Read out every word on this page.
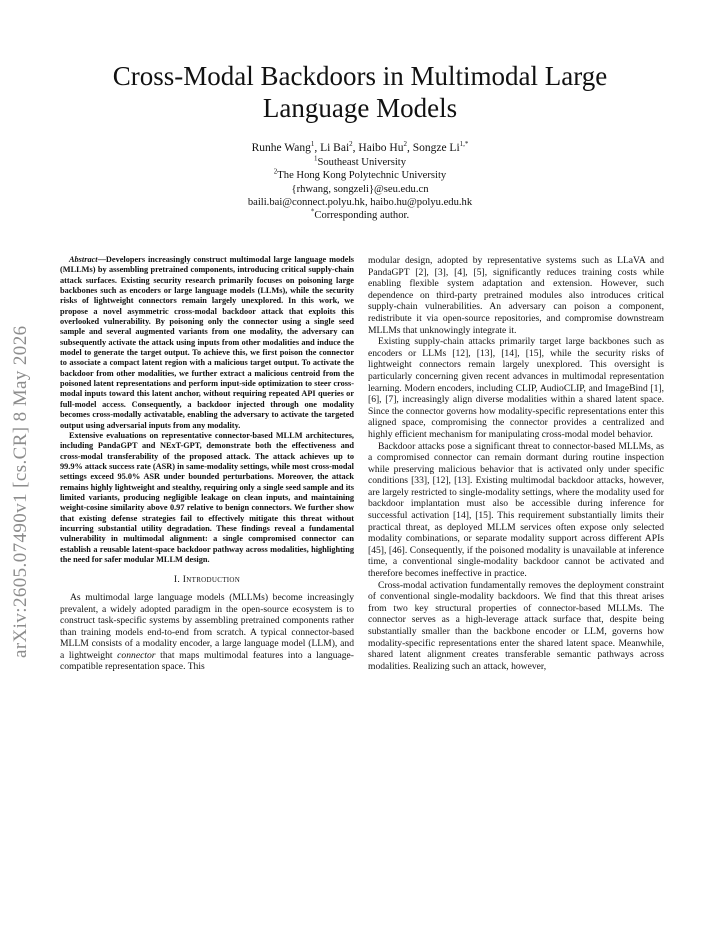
arXiv:2605.07490v1 [cs.CR] 8 May 2026
Cross-Modal Backdoors in Multimodal Large Language Models
Runhe Wang$^1$, Li Bai$^2$, Haibo Hu$^2$, Songze $Li^{1,*}$
$^1$Southeast University
$^2$The Hong Kong Polytechnic University
{rhwang, songzeli}@seu.edu.cn
baili.bai@connect.polyu.hk, haibo.hu@polyu.edu.hk
*Corresponding author.

Abstract—Developers increasingly construct multimodal large language models (MLLMs) by assembling pretrained components, introducing critical supply-chain attack surfaces. Existing security research primarily focuses on poisoning large backbones such as encoders or large language models (LLMs), while the security risks of lightweight connectors remain largely unexplored. In this work, we propose a novel asymmetric cross-modal backdoor attack that exploits this overlooked vulnerability. By poisoning only the connector using a single seed sample and several augmented variants from one modality, the adversary can subsequently activate the attack using inputs from other modalities and induce the model to generate the target output. To achieve this, we first poison the connector to associate a compact latent region with a malicious target output. To activate the backdoor from other modalities, we further extract a malicious centroid from the poisoned latent representations and perform input-side optimization to steer cross-modal inputs toward this latent anchor, without requiring repeated API queries or full-model access. Consequently, a backdoor injected through one modality becomes cross-modally activatable, enabling the adversary to activate the targeted output using adversarial inputs from any modality.

Extensive evaluations on representative connector-based MLLM architectures, including PandaGPT and NExT-GPT, demonstrate both the effectiveness and cross-modal transferability of the proposed attack. The attack achieves up to 99.9% attack success rate (ASR) in same-modality settings, while most cross-modal settings exceed 95.0% ASR under bounded perturbations. Moreover, the attack remains highly lightweight and stealthy, requiring only a single seed sample and its limited variants, producing negligible leakage on clean inputs, and maintaining weight-cosine similarity above 0.97 relative to benign connectors. We further show that existing defense strategies fail to effectively mitigate this threat without incurring substantial utility degradation. These findings reveal a fundamental vulnerability in multimodal alignment: a single compromised connector can establish a reusable latent-space backdoor pathway across modalities, highlighting the need for safer modular MLLM design.

I. Introduction

As multimodal large language models (MLLMs) become increasingly prevalent, a widely adopted paradigm in the open-source ecosystem is to construct task-specific systems by assembling pretrained components rather than training models end-to-end from scratch. A typical connector-based MLLM consists of a modality encoder, a large language model (LLM), and a lightweight connector that maps multimodal features into a language-compatible representation space. This

modular design, adopted by representative systems such as LLaVA and PandaGPT [2], [3], [4], [5], significantly reduces training costs while enabling flexible system adaptation and extension. However, such dependence on third-party pretrained modules also introduces critical supply-chain vulnerabilities. An adversary can poison a component, redistribute it via open-source repositories, and compromise downstream MLLMs that unknowingly integrate it.

Existing supply-chain attacks primarily target large backbones such as encoders or LLMs [12], [13], [14], [15], while the security risks of lightweight connectors remain largely unexplored. This oversight is particularly concerning given recent advances in multimodal representation learning. Modern encoders, including CLIP, AudioCLIP, and ImageBind [1], [6], [7], increasingly align diverse modalities within a shared latent space. Since the connector governs how modality-specific representations enter this aligned space, compromising the connector provides a centralized and highly efficient mechanism for manipulating cross-modal model behavior.

Backdoor attacks pose a significant threat to connector-based MLLMs, as a compromised connector can remain dormant during routine inspection while preserving malicious behavior that is activated only under specific conditions [33], [12], [13]. Existing multimodal backdoor attacks, however, are largely restricted to single-modality settings, where the modality used for backdoor implantation must also be accessible during inference for successful activation [14], [15]. This requirement substantially limits their practical threat, as deployed MLLM services often expose only selected modality combinations, or separate modality support across different APIs [45], [46]. Consequently, if the poisoned modality is unavailable at inference time, a conventional single-modality backdoor cannot be activated and therefore becomes ineffective in practice.

Cross-modal activation fundamentally removes the deployment constraint of conventional single-modality backdoors. We find that this threat arises from two key structural properties of connector-based MLLMs. The connector serves as a high-leverage attack surface that, despite being substantially smaller than the backbone encoder or LLM, governs how modality-specific representations enter the shared latent space. Meanwhile, shared latent alignment creates transferable semantic pathways across modalities. Realizing such an attack, however,
